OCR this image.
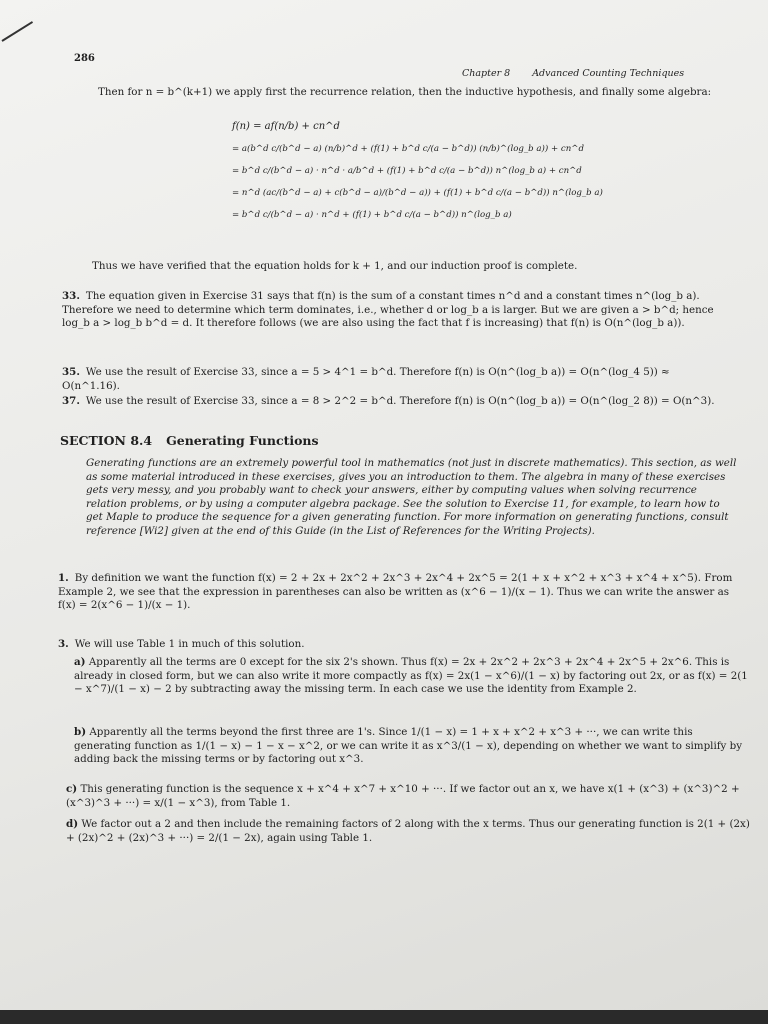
286
Chapter 8 Advanced Counting Techniques
Then for n = b^(k+1) we apply first the recurrence relation, then the inductive hypothesis, and finally some algebra:
f(n) = af(n/b) + cn^d
= a(b^d c/(b^d − a) (n/b)^d + (f(1) + b^d c/(a − b^d)) (n/b)^(log_b a)) + cn^d
= b^d c/(b^d − a) · n^d · a/b^d + (f(1) + b^d c/(a − b^d)) n^(log_b a) + cn^d
= n^d (ac/(b^d − a) + c(b^d − a)/(b^d − a)) + (f(1) + b^d c/(a − b^d)) n^(log_b a)
= b^d c/(b^d − a) · n^d + (f(1) + b^d c/(a − b^d)) n^(log_b a)
Thus we have verified that the equation holds for k + 1, and our induction proof is complete.
33. The equation given in Exercise 31 says that f(n) is the sum of a constant times n^d and a constant times n^(log_b a). Therefore we need to determine which term dominates, i.e., whether d or log_b a is larger. But we are given a > b^d; hence log_b a > log_b b^d = d. It therefore follows (we are also using the fact that f is increasing) that f(n) is O(n^(log_b a)).
35. We use the result of Exercise 33, since a = 5 > 4^1 = b^d. Therefore f(n) is O(n^(log_b a)) = O(n^(log_4 5)) ≈ O(n^1.16).
37. We use the result of Exercise 33, since a = 8 > 2^2 = b^d. Therefore f(n) is O(n^(log_b a)) = O(n^(log_2 8)) = O(n^3).
SECTION 8.4 Generating Functions
Generating functions are an extremely powerful tool in mathematics (not just in discrete mathematics). This section, as well as some material introduced in these exercises, gives you an introduction to them. The algebra in many of these exercises gets very messy, and you probably want to check your answers, either by computing values when solving recurrence relation problems, or by using a computer algebra package. See the solution to Exercise 11, for example, to learn how to get Maple to produce the sequence for a given generating function. For more information on generating functions, consult reference [Wi2] given at the end of this Guide (in the List of References for the Writing Projects).
1. By definition we want the function f(x) = 2 + 2x + 2x^2 + 2x^3 + 2x^4 + 2x^5 = 2(1 + x + x^2 + x^3 + x^4 + x^5). From Example 2, we see that the expression in parentheses can also be written as (x^6 − 1)/(x − 1). Thus we can write the answer as f(x) = 2(x^6 − 1)/(x − 1).
3. We will use Table 1 in much of this solution.
a) Apparently all the terms are 0 except for the six 2's shown. Thus f(x) = 2x + 2x^2 + 2x^3 + 2x^4 + 2x^5 + 2x^6. This is already in closed form, but we can also write it more compactly as f(x) = 2x(1 − x^6)/(1 − x) by factoring out 2x, or as f(x) = 2(1 − x^7)/(1 − x) − 2 by subtracting away the missing term. In each case we use the identity from Example 2.
b) Apparently all the terms beyond the first three are 1's. Since 1/(1 − x) = 1 + x + x^2 + x^3 + ···, we can write this generating function as 1/(1 − x) − 1 − x − x^2, or we can write it as x^3/(1 − x), depending on whether we want to simplify by adding back the missing terms or by factoring out x^3.
c) This generating function is the sequence x + x^4 + x^7 + x^10 + ···. If we factor out an x, we have x(1 + (x^3) + (x^3)^2 + (x^3)^3 + ···) = x/(1 − x^3), from Table 1.
d) We factor out a 2 and then include the remaining factors of 2 along with the x terms. Thus our generating function is 2(1 + (2x) + (2x)^2 + (2x)^3 + ···) = 2/(1 − 2x), again using Table 1.
